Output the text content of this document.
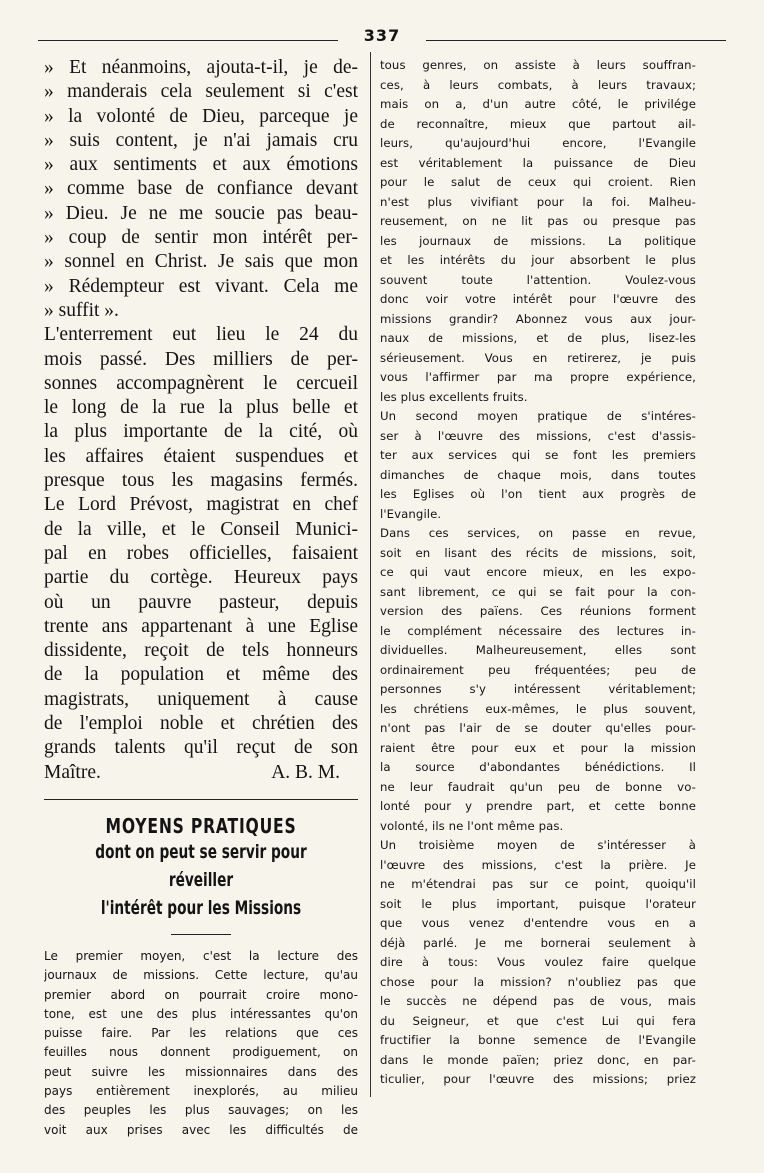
337
» Et néanmoins, ajouta-t-il, je de-
» manderais cela seulement si c'est
» la volonté de Dieu, parceque je
» suis content, je n'ai jamais cru
» aux sentiments et aux émotions
» comme base de confiance devant
» Dieu. Je ne me soucie pas beau-
» coup de sentir mon intérêt per-
» sonnel en Christ. Je sais que mon
» Rédempteur est vivant. Cela me
» suffit ».
L'enterrement eut lieu le 24 du
mois passé. Des milliers de per-
sonnes accompagnèrent le cercueil
le long de la rue la plus belle et
la plus importante de la cité, où
les affaires étaient suspendues et
presque tous les magasins fermés.
Le Lord Prévost, magistrat en chef
de la ville, et le Conseil Munici-
pal en robes officielles, faisaient
partie du cortège. Heureux pays
où un pauvre pasteur, depuis
trente ans appartenant à une Eglise
dissidente, reçoit de tels honneurs
de la population et même des
magistrats, uniquement à cause
de l'emploi noble et chrétien des
grands talents qu'il reçut de son
Maître.	A. B. M.
MOYENS PRATIQUES
dont on peut se servir pour réveiller
l'intérêt pour les Missions
Le premier moyen, c'est la lecture des
journaux de missions. Cette lecture, qu'au
premier abord on pourrait croire mono-
tone, est une des plus intéressantes qu'on
puisse faire. Par les relations que ces
feuilles nous donnent prodiguement, on
peut suivre les missionnaires dans des
pays entièrement inexplorés, au milieu
des peuples les plus sauvages; on les
voit aux prises avec les difficultés de
tous genres, on assiste à leurs souffran-
ces, à leurs combats, à leurs travaux;
mais on a, d'un autre côté, le privilége
de reconnaître, mieux que partout ail-
leurs, qu'aujourd'hui encore, l'Evangile
est véritablement la puissance de Dieu
pour le salut de ceux qui croient. Rien
n'est plus vivifiant pour la foi. Malheu-
reusement, on ne lit pas ou presque pas
les journaux de missions. La politique
et les intérêts du jour absorbent le plus
souvent toute l'attention. Voulez-vous
donc voir votre intérêt pour l'œuvre des
missions grandir? Abonnez vous aux jour-
naux de missions, et de plus, lisez-les
sérieusement. Vous en retirerez, je puis
vous l'affirmer par ma propre expérience,
les plus excellents fruits.
Un second moyen pratique de s'intéres-
ser à l'œuvre des missions, c'est d'assis-
ter aux services qui se font les premiers
dimanches de chaque mois, dans toutes
les Eglises où l'on tient aux progrès de
l'Evangile.
Dans ces services, on passe en revue,
soit en lisant des récits de missions, soit,
ce qui vaut encore mieux, en les expo-
sant librement, ce qui se fait pour la con-
version des païens. Ces réunions forment
le complément nécessaire des lectures in-
dividuelles. Malheureusement, elles sont
ordinairement peu fréquentées; peu de
personnes s'y intéressent véritablement;
les chrétiens eux-mêmes, le plus souvent,
n'ont pas l'air de se douter qu'elles pour-
raient être pour eux et pour la mission
la source d'abondantes bénédictions. Il
ne leur faudrait qu'un peu de bonne vo-
lonté pour y prendre part, et cette bonne
volonté, ils ne l'ont même pas.
Un troisième moyen de s'intéresser à
l'œuvre des missions, c'est la prière. Je
ne m'étendrai pas sur ce point, quoiqu'il
soit le plus important, puisque l'orateur
que vous venez d'entendre vous en a
déjà parlé. Je me bornerai seulement à
dire à tous: Vous voulez faire quelque
chose pour la mission? n'oubliez pas que
le succès ne dépend pas de vous, mais
du Seigneur, et que c'est Lui qui fera
fructifier la bonne semence de l'Evangile
dans le monde païen; priez donc, en par-
ticulier, pour l'œuvre des missions; priez
